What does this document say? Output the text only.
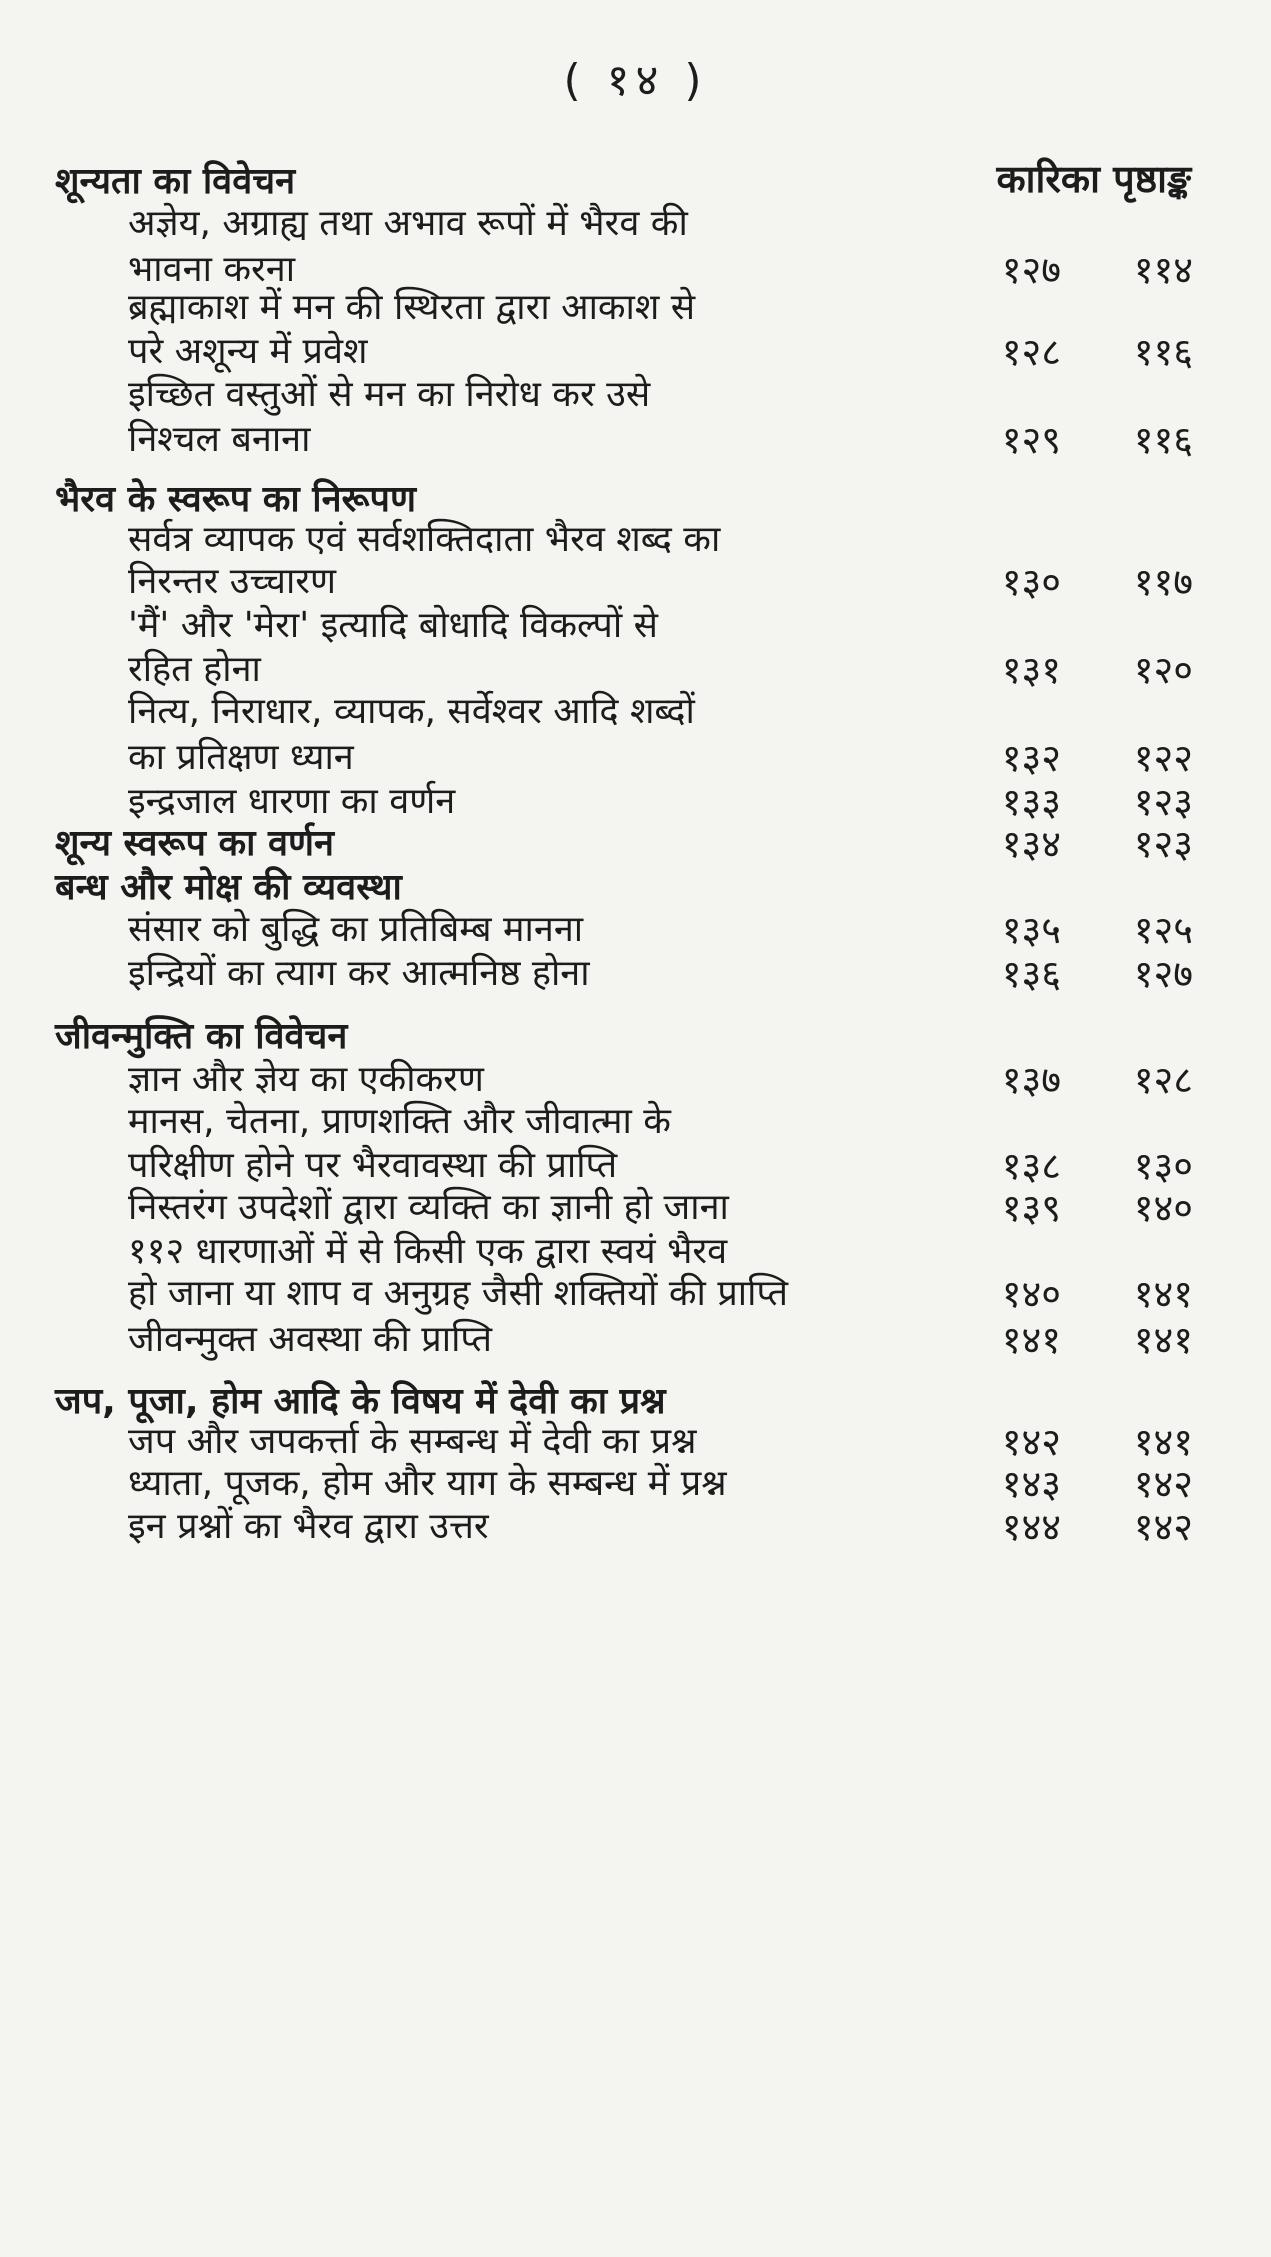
( १४ )
कारिका पृष्ठाङ्क
शून्यता का विवेचन
अज्ञेय, अग्राह्य तथा अभाव रूपों में भैरव की
भावना करना	१२७	११४
ब्रह्माकाश में मन की स्थिरता द्वारा आकाश से
परे अशून्य में प्रवेश	१२८	११६
इच्छित वस्तुओं से मन का निरोध कर उसे
निश्चल बनाना	१२९	११६
भैरव के स्वरूप का निरूपण
सर्वत्र व्यापक एवं सर्वशक्तिदाता भैरव शब्द का
निरन्तर उच्चारण	१३०	११७
'मैं' और 'मेरा' इत्यादि बोधादि विकल्पों से
रहित होना	१३१	१२०
नित्य, निराधार, व्यापक, सर्वेश्वर आदि शब्दों
का प्रतिक्षण ध्यान	१३२	१२२
इन्द्रजाल धारणा का वर्णन	१३३	१२३
शून्य स्वरूप का वर्णन	१३४	१२३
बन्ध और मोक्ष की व्यवस्था
संसार को बुद्धि का प्रतिबिम्ब मानना	१३५	१२५
इन्द्रियों का त्याग कर आत्मनिष्ठ होना	१३६	१२७
जीवन्मुक्ति का विवेचन
ज्ञान और ज्ञेय का एकीकरण	१३७	१२८
मानस, चेतना, प्राणशक्ति और जीवात्मा के
परिक्षीण होने पर भैरवावस्था की प्राप्ति	१३८	१३०
निस्तरंग उपदेशों द्वारा व्यक्ति का ज्ञानी हो जाना	१३९	१४०
११२ धारणाओं में से किसी एक द्वारा स्वयं भैरव
हो जाना या शाप व अनुग्रह जैसी शक्तियों की प्राप्ति	१४०	१४१
जीवन्मुक्त अवस्था की प्राप्ति	१४१	१४१
जप, पूजा, होम आदि के विषय में देवी का प्रश्न
जप और जपकर्त्ता के सम्बन्ध में देवी का प्रश्न	१४२	१४१
ध्याता, पूजक, होम और याग के सम्बन्ध में प्रश्न	१४३	१४२
इन प्रश्नों का भैरव द्वारा उत्तर	१४४	१४२
